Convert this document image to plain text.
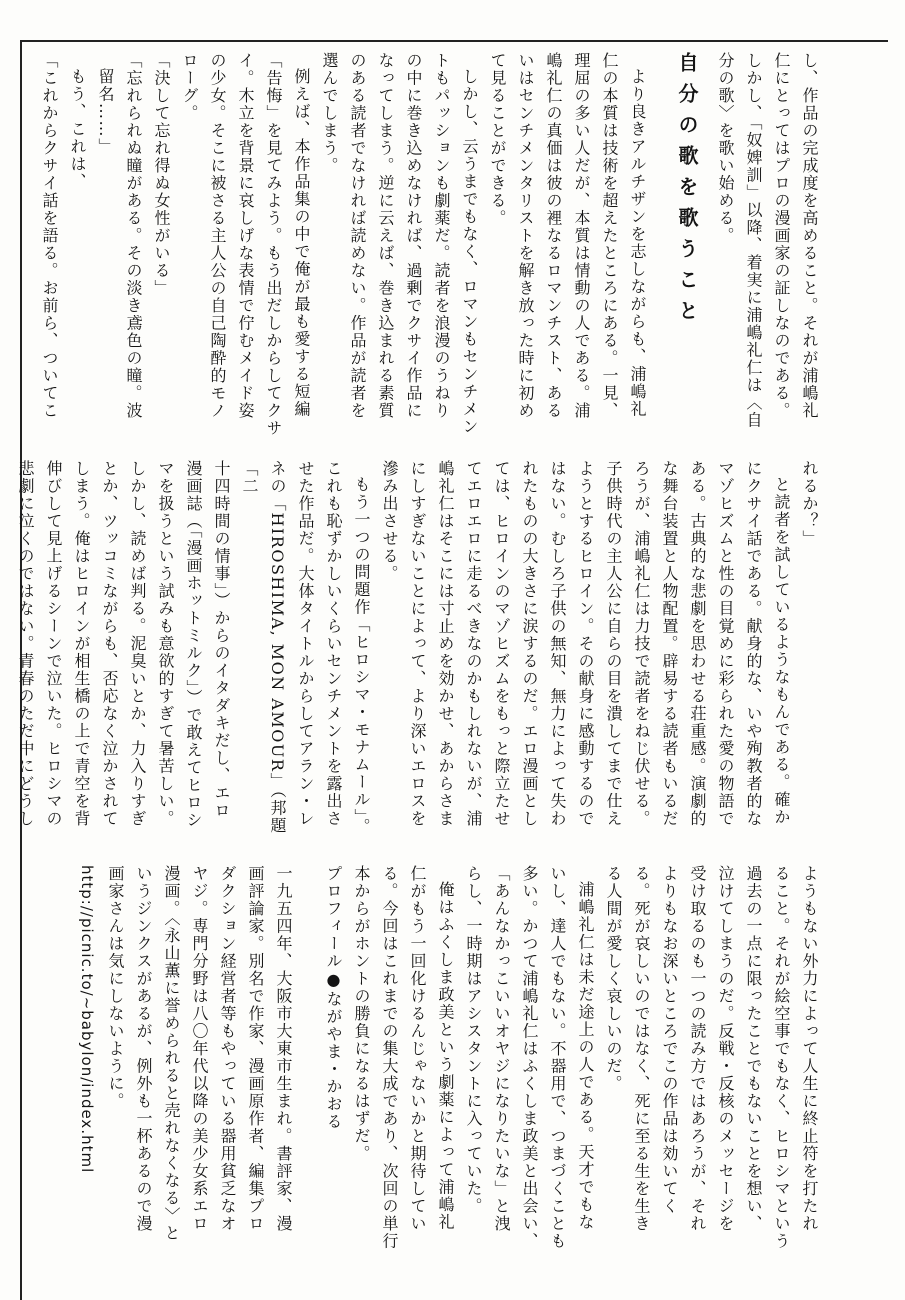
し、作品の完成度を高めること。それが浦嶋礼

仁にとってはプロの漫画家の証しなのである。

しかし、「奴婢訓」以降、着実に浦嶋礼仁は〈自

分の歌〉を歌い始める。

自分の歌を歌うこと

より良きアルチザンを志しながらも、浦嶋礼

仁の本質は技術を超えたところにある。一見、

理屈の多い人だが、本質は情動の人である。浦

嶋礼仁の真価は彼の裡なるロマンチスト、ある

いはセンチメンタリストを解き放った時に初め

て見ることができる。

しかし、云うまでもなく、ロマンもセンチメン

トもパッションも劇薬だ。読者を浪漫のうねり

の中に巻き込めなければ、過剰でクサイ作品に

なってしまう。逆に云えば、巻き込まれる素質

のある読者でなければ読めない。作品が読者を

選んでしまう。

例えば、本作品集の中で俺が最も愛する短編

「告悔」を見てみよう。もう出だしからしてクサ

イ。木立を背景に哀しげな表情で佇むメイド姿

の少女。そこに被さる主人公の自己陶酔的モノ

ローグ。

「決して忘れ得ぬ女性がいる」

「忘れられぬ瞳がある。その淡き鳶色の瞳。波

留名……」

もう、これは、

「これからクサイ話を語る。お前ら、ついてこ

れるか？」

と読者を試しているようなもんである。確か

にクサイ話である。献身的な、いや殉教者的な

マゾヒズムと性の目覚めに彩られた愛の物語で

ある。古典的な悲劇を思わせる荘重感。演劇的

な舞台装置と人物配置。辟易する読者もいるだ

ろうが、浦嶋礼仁は力技で読者をねじ伏せる。

子供時代の主人公に自らの目を潰してまで仕え

ようとするヒロイン。その献身に感動するので

はない。むしろ子供の無知、無力によって失わ

れたものの大きさに涙するのだ。エロ漫画とし

ては、ヒロインのマゾヒズムをもっと際立たせ

てエロエロに走るべきなのかもしれないが、浦

嶋礼仁はそこには寸止めを効かせ、あからさま

にしすぎないことによって、より深いエロスを

滲み出させる。

もう一つの問題作「ヒロシマ・モナムール」。

これも恥ずかしいくらいセンチメントを露出さ

せた作品だ。大体タイトルからしてアラン・レ

ネの「HIROSHIMA, MON AMOUR」（邦題「二

十四時間の情事」）からのイタダキだし、エロ

漫画誌（「漫画ホットミルク」）で敢えてヒロシ

マを扱うという試みも意欲的すぎて暑苦しい。

しかし、読めば判る。泥臭いとか、力入りすぎ

とか、ツッコミながらも、否応なく泣かされて

しまう。俺はヒロインが相生橋の上で青空を背

伸びして見上げるシーンで泣いた。ヒロシマの

悲劇に泣くのではない。青春のただ中にどうし

ようもない外力によって人生に終止符を打たれ

ること。それが絵空事でもなく、ヒロシマという

過去の一点に限ったことでもないことを想い、

泣けてしまうのだ。反戦・反核のメッセージを

受け取るのも一つの読み方ではあろうが、それ

よりもなお深いところでこの作品は効いてく

る。死が哀しいのではなく、死に至る生を生き

る人間が愛しく哀しいのだ。

浦嶋礼仁は未だ途上の人である。天才でもな

いし、達人でもない。不器用で、つまづくことも

多い。かつて浦嶋礼仁はふくしま政美と出会い、

「あんなかっこいいオヤジになりたいな」と洩

らし、一時期はアシスタントに入っていた。

俺はふくしま政美という劇薬によって浦嶋礼

仁がもう一回化けるんじゃないかと期待してい

る。今回はこれまでの集大成であり、次回の単行

本からがホントの勝負になるはずだ。

プロフィール●ながやま・かおる

一九五四年、大阪市大東市生まれ。書評家、漫

画評論家。別名で作家、漫画原作者、編集プロ

ダクション経営者等もやっている器用貧乏なオ

ヤジ。専門分野は八〇年代以降の美少女系エロ

漫画。〈永山薫に誉められると売れなくなる〉と

いうジンクスがあるが、例外も一杯あるので漫

画家さんは気にしないように。

http://picnic.to/~babylon/index.html
